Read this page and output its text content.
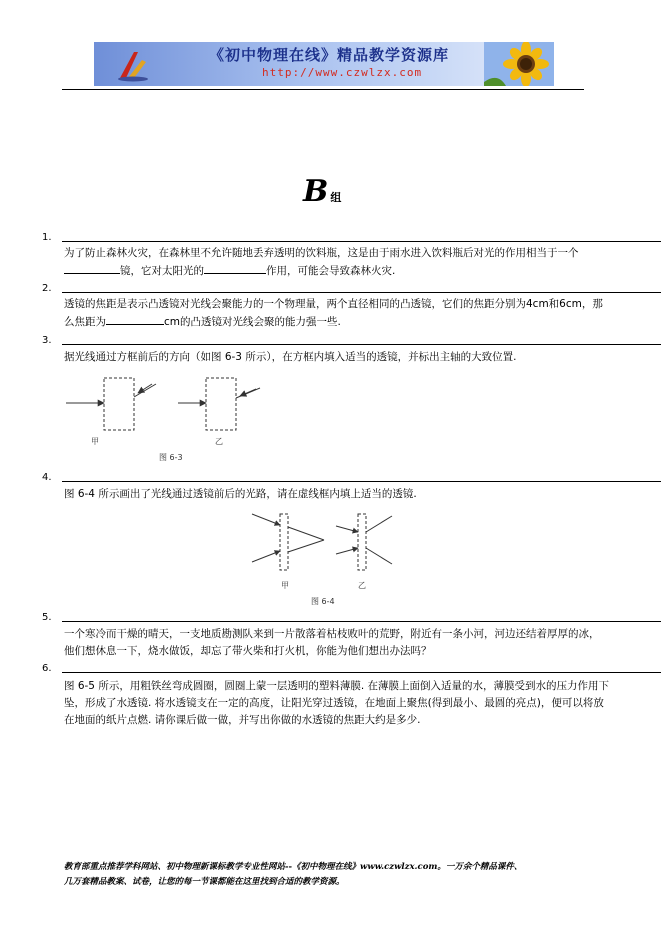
《初中物理在线》精品教学资源库
http://www.czwlzx.com
B组
1.
为了防止森林火灾，在森林里不允许随地丢弃透明的饮料瓶，这是由于雨水进入饮料瓶后对光的作用相当于一个镜，它对太阳光的	作用，可能会导致森林火灾.
2.
透镜的焦距是表示凸透镜对光线会聚能力的一个物理量，两个直径相同的凸透镜，它们的焦距分别为4cm和6cm，那么焦距为	cm的凸透镜对光线会聚的能力强一些.
3.
据光线通过方框前后的方向（如图 6-3 所示），在方框内填入适当的透镜，并标出主轴的大致位置.
甲	乙
图 6-3
4.
图 6-4 所示画出了光线通过透镜前后的光路，请在虚线框内填上适当的透镜.
甲	乙
图 6-4
5.
一个寒冷而干燥的晴天，一支地质勘测队来到一片散落着枯枝败叶的荒野，附近有一条小河，河边还结着厚厚的冰，他们想休息一下，烧水做饭，却忘了带火柴和打火机，你能为他们想出办法吗？
6.
图 6-5 所示，用粗铁丝弯成圆圈，圆圈上蒙一层透明的塑料薄膜. 在薄膜上面倒入适量的水，薄膜受到水的压力作用下坠，形成了水透镜. 将水透镜支在一定的高度，让阳光穿过透镜，在地面上聚焦(得到最小、最圆的亮点)，便可以将放在地面的纸片点燃. 请你课后做一做，并写出你做的水透镜的焦距大约是多少.
教育部重点推荐学科网站、初中物理新课标教学专业性网站--《初中物理在线》www.czwlzx.com。一万余个精品课件、
几万套精品教案、试卷，让您的每一节课都能在这里找到合适的教学资源。
